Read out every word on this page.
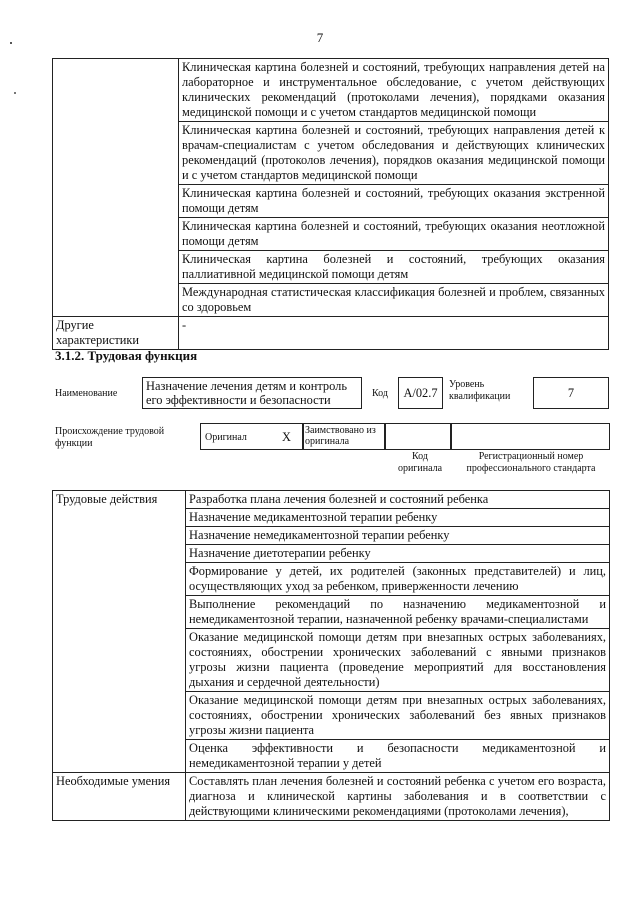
7
	Клиническая картина болезней и состояний, требующих направления детей на лабораторное и инструментальное обследование, с учетом действующих клинических рекомендаций (протоколами лечения), порядками оказания медицинской помощи и с учетом стандартов медицинской помощи
	Клиническая картина болезней и состояний, требующих направления детей к врачам-специалистам с учетом обследования и действующих клинических рекомендаций (протоколов лечения), порядков оказания медицинской помощи и с учетом стандартов медицинской помощи
	Клиническая картина болезней и состояний, требующих оказания экстренной помощи детям
	Клиническая картина болезней и состояний, требующих оказания неотложной помощи детям
	Клиническая картина болезней и состояний, требующих оказания паллиативной медицинской помощи детям
	Международная статистическая классификация болезней и проблем, связанных со здоровьем
Другие характеристики	-
3.1.2. Трудовая функция
Наименование
Назначение лечения детям и контроль его эффективности и безопасности	Код	А/02.7
Уровень квалификации	7
Происхождение трудовой функции
Оригинал	Х Заимствовано из оригинала
Код оригинала
Регистрационный номер профессионального стандарта
Трудовые действия	Разработка плана лечения болезней и состояний ребенка
	Назначение медикаментозной терапии ребенку
	Назначение немедикаментозной терапии ребенку
	Назначение диетотерапии ребенку
	Формирование у детей, их родителей (законных представителей) и лиц, осуществляющих уход за ребенком, приверженности лечению
	Выполнение рекомендаций по назначению медикаментозной и немедикаментозной терапии, назначенной ребенку врачами-специалистами
	Оказание медицинской помощи детям при внезапных острых заболеваниях, состояниях, обострении хронических заболеваний с явными признаков угрозы жизни пациента (проведение мероприятий для восстановления дыхания и сердечной деятельности)
	Оказание медицинской помощи детям при внезапных острых заболеваниях, состояниях, обострении хронических заболеваний без явных признаков угрозы жизни пациента
	Оценка эффективности и безопасности медикаментозной и немедикаментозной терапии у детей
Необходимые умения	Составлять план лечения болезней и состояний ребенка с учетом его возраста, диагноза и клинической картины заболевания и в соответствии с действующими клиническими рекомендациями (протоколами лечения),
